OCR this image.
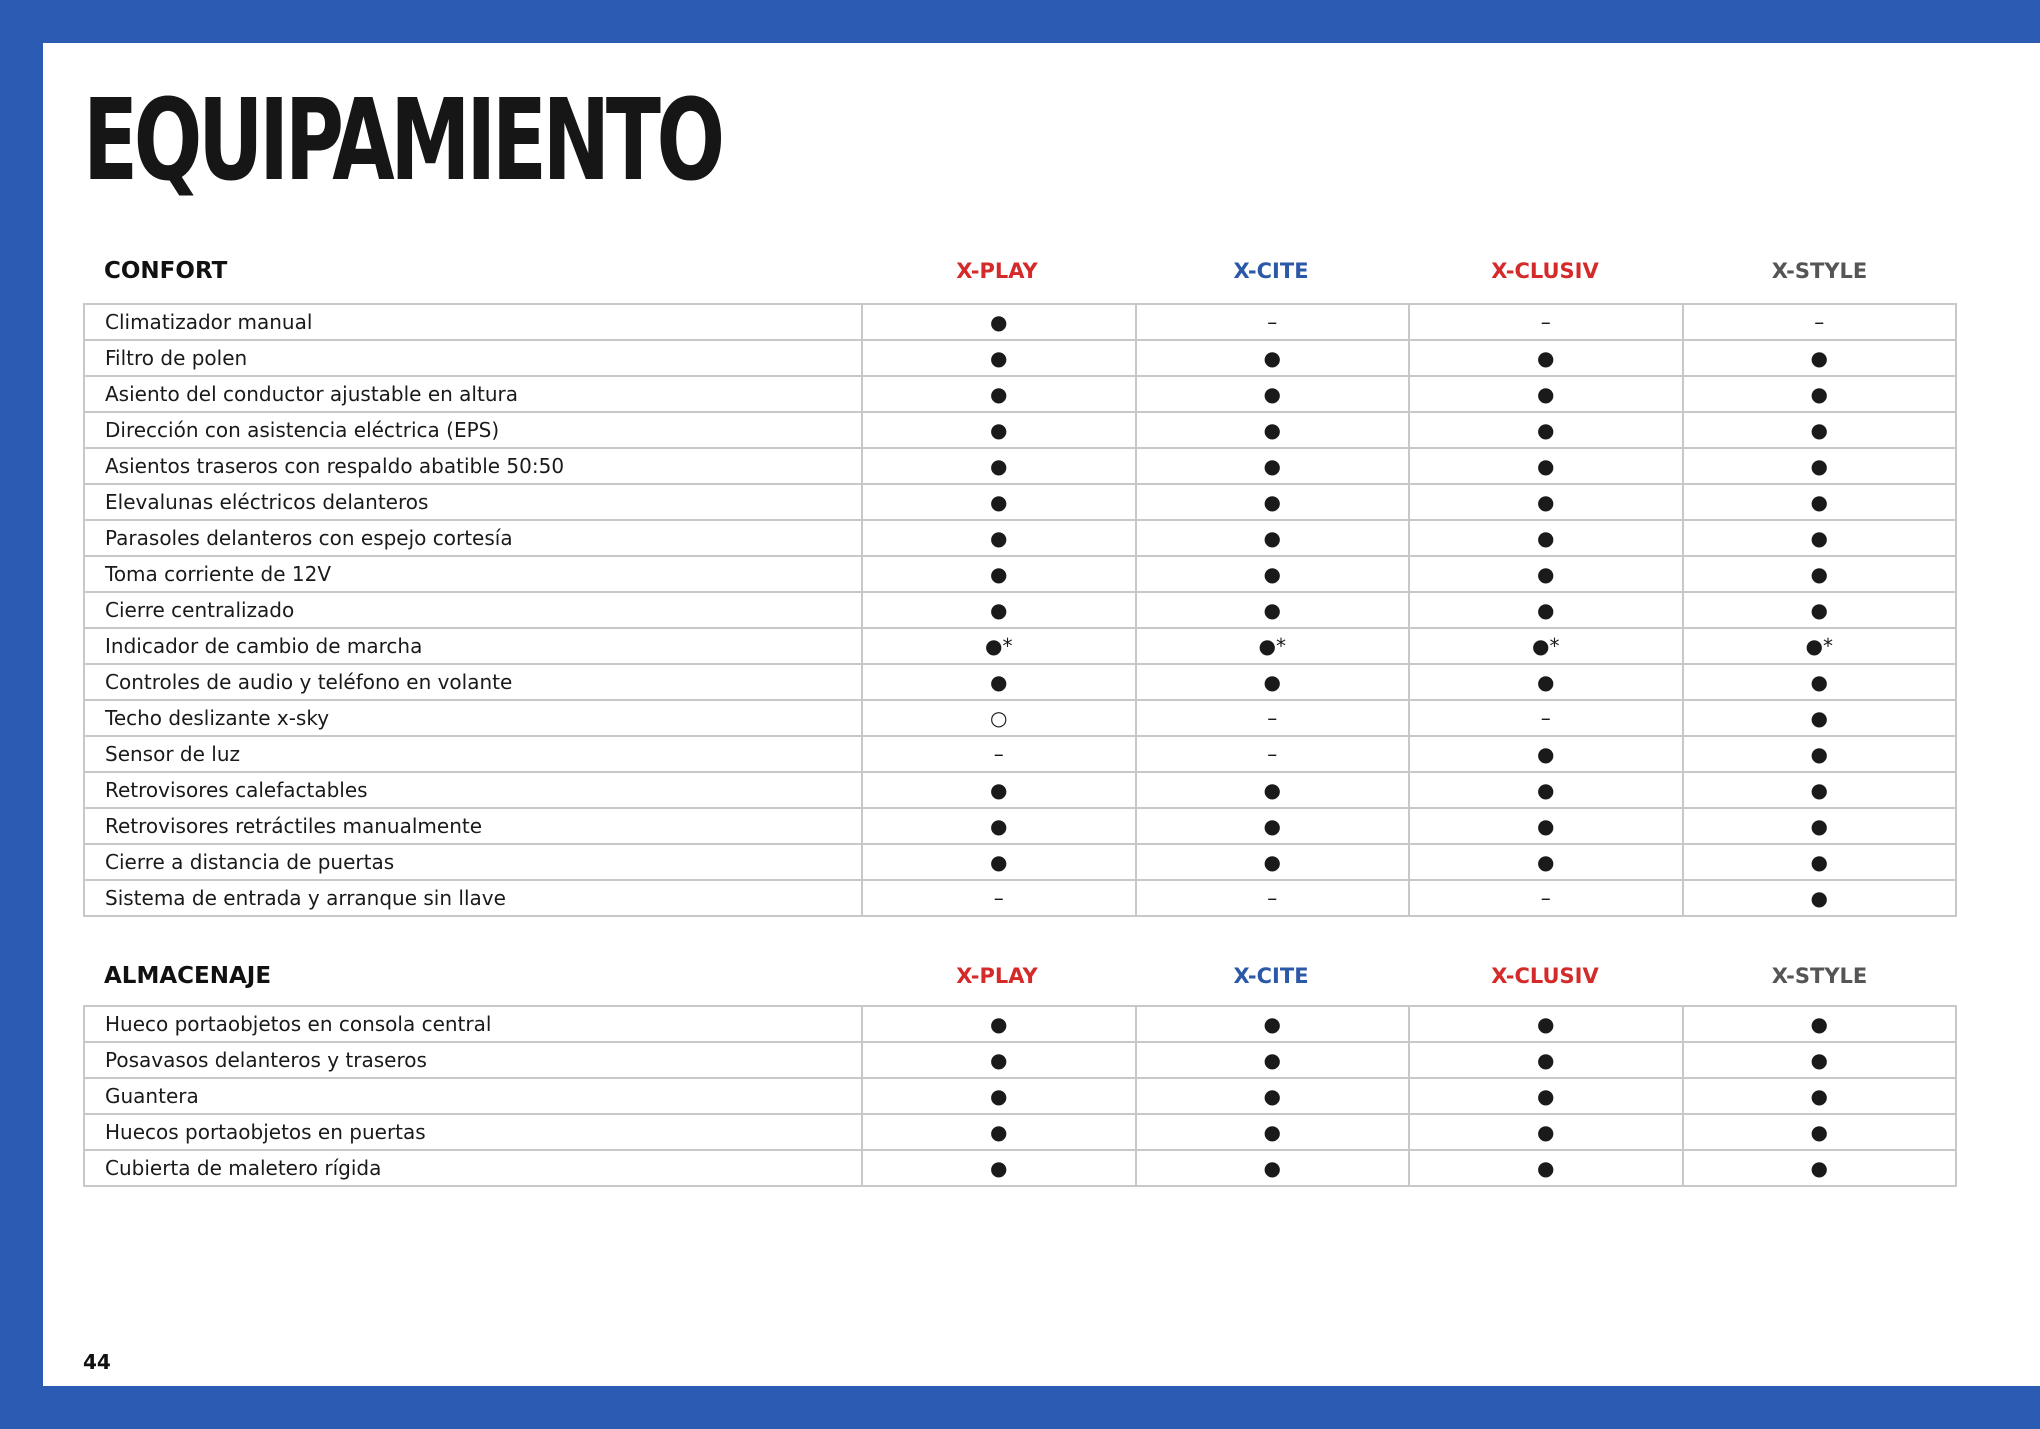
EQUIPAMIENTO
CONFORT	X-PLAY	X-CITE	X-CLUSIV	X-STYLE
Climatizador manual	●	–	–	–
Filtro de polen	●	●	●	●
Asiento del conductor ajustable en altura	●	●	●	●
Dirección con asistencia eléctrica (EPS)	●	●	●	●
Asientos traseros con respaldo abatible 50:50	●	●	●	●
Elevalunas eléctricos delanteros	●	●	●	●
Parasoles delanteros con espejo cortesía	●	●	●	●
Toma corriente de 12V	●	●	●	●
Cierre centralizado	●	●	●	●
Indicador de cambio de marcha	●*	●*	●*	●*
Controles de audio y teléfono en volante	●	●	●	●
Techo deslizante x-sky	○	–	–	●
Sensor de luz	–	–	●	●
Retrovisores calefactables	●	●	●	●
Retrovisores retráctiles manualmente	●	●	●	●
Cierre a distancia de puertas	●	●	●	●
Sistema de entrada y arranque sin llave	–	–	–	●
ALMACENAJE	X-PLAY	X-CITE	X-CLUSIV	X-STYLE
Hueco portaobjetos en consola central	●	●	●	●
Posavasos delanteros y traseros	●	●	●	●
Guantera	●	●	●	●
Huecos portaobjetos en puertas	●	●	●	●
Cubierta de maletero rígida	●	●	●	●
44
